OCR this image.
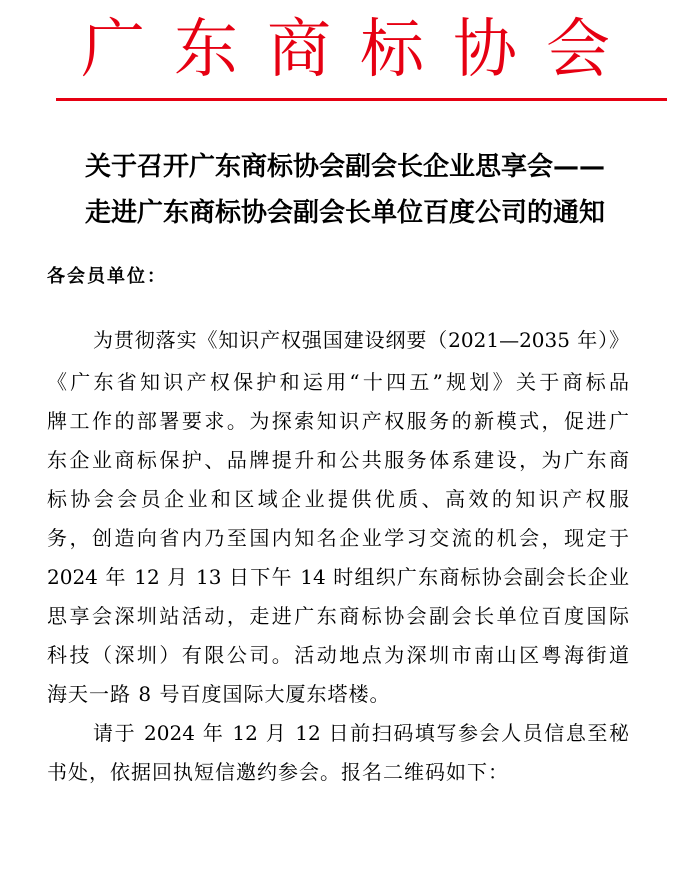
广东商标协会
关于召开广东商标协会副会长企业思享会——
走进广东商标协会副会长单位百度公司的通知
各会员单位：
为贯彻落实《知识产权强国建设纲要（2021—2035 年）》
《广东省知识产权保护和运用“十四五”规划》关于商标品
牌工作的部署要求。为探索知识产权服务的新模式，促进广
东企业商标保护、品牌提升和公共服务体系建设，为广东商
标协会会员企业和区域企业提供优质、高效的知识产权服
务，创造向省内乃至国内知名企业学习交流的机会，现定于
2024 年 12 月 13 日下午 14 时组织广东商标协会副会长企业
思享会深圳站活动，走进广东商标协会副会长单位百度国际
科技（深圳）有限公司。活动地点为深圳市南山区粤海街道
海天一路 8 号百度国际大厦东塔楼。
请于 2024 年 12 月 12 日前扫码填写参会人员信息至秘
书处，依据回执短信邀约参会。报名二维码如下：
